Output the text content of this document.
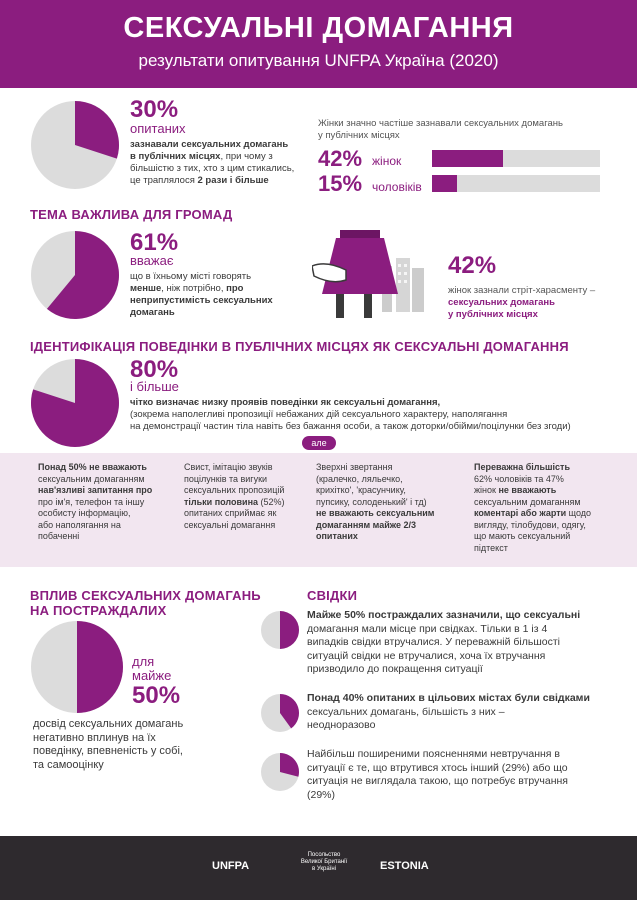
СЕКСУАЛЬНІ ДОМАГАННЯ
результати опитування UNFPA Україна (2020)
30%
опитаних
зазнавали сексуальних домагань
в публічних місцях, при чому з
більшістю з тих, хто з цим стикались,
це траплялося 2 рази і більше
Жінки значно частіше зазнавали сексуальних домагань
у публічних місцях
42% жінок
15% чоловіків
ТЕМА ВАЖЛИВА ДЛЯ ГРОМАД
61%
вважає
що в їхньому місті говорять
менше, ніж потрібно, про
неприпустимість сексуальних
домагань
42%
жінок зазнали стріт-харасменту –
сексуальних домагань
у публічних місцях
ІДЕНТИФІКАЦІЯ ПОВЕДІНКИ В ПУБЛІЧНИХ МІСЦЯХ ЯК СЕКСУАЛЬНІ ДОМАГАННЯ
80%
і більше
чітко визначає низку проявів поведінки як сексуальні домагання,
(зокрема наполегливі пропозиції небажаних дій сексуального характеру, наполягання
на демонстрації частин тіла навіть без бажання особи, а також доторки/обійми/поцілунки без згоди)
але
Понад 50% не вважають
сексуальним домаганням
нав'язливі запитання про
про ім'я, телефон та іншу
особисту інформацію,
або наполягання на
побаченні
Свист, імітацію звуків
поцілунків та вигуки
сексуальних пропозицій
тільки половина (52%)
опитаних сприймає як
сексуальні домагання
Зверхні звертання
(кралечко, ляльечко,
крихітко', 'красунчику,
пупсику, солоденький' і тд)
не вважають сексуальним
домаганням майже 2/3
опитаних
Переважна більшість
62% чоловіків та 47%
жінок не вважають
сексуальним домаганням
коментарі або жарти щодо
вигляду, тілобудови, одягу,
що мають сексуальний
підтекст
ВПЛИВ СЕКСУАЛЬНИХ ДОМАГАНЬ
НА ПОСТРАЖДАЛИХ
для
майже
50%
досвід сексуальних домагань
негативно вплинув на їх
поведінку, впевненість у собі,
та самооцінку
СВІДКИ
Майже 50% постраждалих зазначили, що сексуальні
домагання мали місце при свідках. Тільки в 1 із 4
випадків свідки втручалися. У переважній більшості
ситуацій свідки не втручалися, хоча їх втручання
призводило до покращення ситуації
Понад 40% опитаних в цільових містах були свідками
сексуальних домагань, більшість з них –
неодноразово
Найбільш поширеними поясненнями невтручання в
ситуації є те, що втрутився хтось інший (29%) або що
ситуація не виглядала такою, що потребує втручання
(29%)
UNFPA
Посольство Великої Британії в Україні	ESTONIA
